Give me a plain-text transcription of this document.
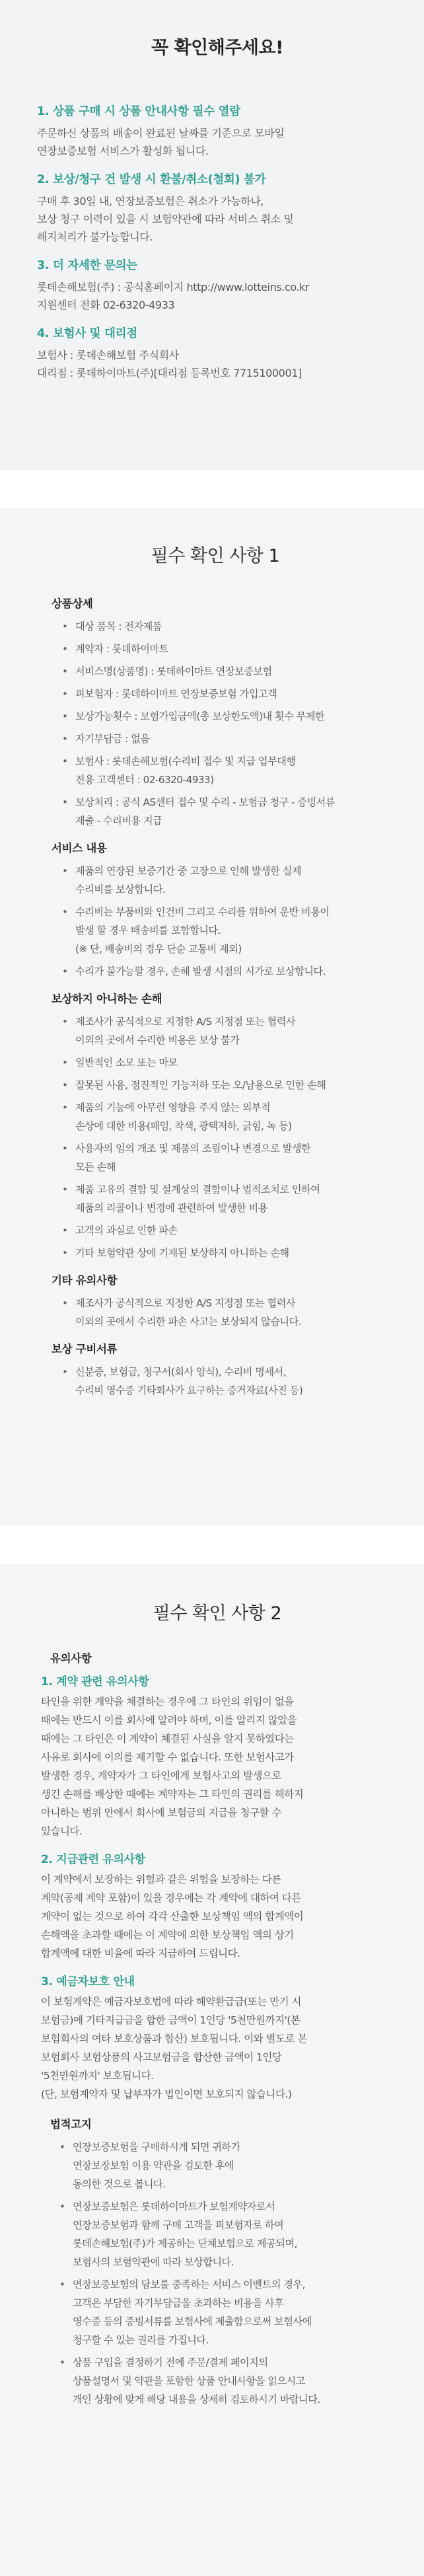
꼭 확인해주세요!
1. 상품 구매 시 상품 안내사항 필수 열람
주문하신 상품의 배송이 완료된 날짜를 기준으로 모바일
연장보증보험 서비스가 활성화 됩니다.
2. 보상/청구 건 발생 시 환불/취소(철회) 불가
구매 후 30일 내, 연장보증보험은 취소가 가능하나,
보상 청구 이력이 있을 시 보험약관에 따라 서비스 취소 및
해지처리가 불가능합니다.
3. 더 자세한 문의는
롯데손해보험(주) : 공식홈페이지 http://www.lotteins.co.kr
지원센터 전화 02-6320-4933
4. 보험사 및 대리점
보험사 : 롯데손해보험 주식회사
대리점 : 롯데하이마트(주)[대리점 등록번호 7715100001]
필수 확인 사항 1
상품상세
• 대상 품목 : 전자제품
• 계약자 : 롯데하이마트
• 서비스명(상품명) : 롯데하이마트 연장보증보험
• 피보험자 : 롯데하이마트 연장보증보험 가입고객
• 보상가능횟수 : 보험가입금액(총 보상한도액)내 횟수 무제한
• 자기부담금 : 없음
• 보험사 : 롯데손해보험(수리비 접수 및 지급 업무대행
전용 고객센터 : 02-6320-4933)
• 보상처리 : 공식 AS센터 접수 및 수리 - 보험금 청구 - 증빙서류
제출 - 수리비용 지급
서비스 내용
• 제품의 연장된 보증기간 중 고장으로 인해 발생한 실제
수리비를 보상합니다.
• 수리비는 부품비와 인건비 그리고 수리를 위하여 운반 비용이
발생 할 경우 배송비를 포함합니다.
(※ 단, 배송비의 경우 단순 교통비 제외)
• 수리가 불가능할 경우, 손해 발생 시점의 시가로 보상합니다.
보상하지 아니하는 손해
• 제조사가 공식적으로 지정한 A/S 지정점 또는 협력사
이외의 곳에서 수리한 비용은 보상 불가
• 일반적인 소모 또는 마모
• 잘못된 사용, 점진적인 기능저하 또는 오/남용으로 인한 손해
• 제품의 기능에 아무런 영향을 주지 않는 외부적
손상에 대한 비용(패임, 착색, 광택저하, 긁힘, 녹 등)
• 사용자의 임의 개조 및 제품의 조립이나 변경으로 발생한
모든 손해
• 제품 고유의 결함 및 설계상의 결함이나 법적조치로 인하여
제품의 리콜이나 변경에 관련하여 발생한 비용
• 고객의 과실로 인한 파손
• 기타 보험약관 상에 기재된 보상하지 아니하는 손해
기타 유의사항
• 제조사가 공식적으로 지정한 A/S 지정점 또는 협력사
이외의 곳에서 수리한 파손 사고는 보상되지 않습니다.
보상 구비서류
• 신분증, 보험금, 청구서(회사 양식), 수리비 명세서,
수리비 영수증 기타회사가 요구하는 증거자료(사진 등)
필수 확인 사항 2
유의사항
1. 계약 관련 유의사항
타인을 위한 계약을 체결하는 경우에 그 타인의 위임이 없을
때에는 반드시 이를 회사에 알려야 하며, 이를 알리지 않았을
때에는 그 타인은 이 계약이 체결된 사실을 알지 못하였다는
사유로 회사에 이의를 제기할 수 없습니다. 또한 보험사고가
발생한 경우, 계약자가 그 타인에게 보험사고의 발생으로
생긴 손해를 배상한 때에는 계약자는 그 타인의 권리를 해하지
아니하는 범위 안에서 회사에 보험금의 지급을 청구할 수
있습니다.
2. 지급관련 유의사항
이 계약에서 보장하는 위험과 같은 위험을 보장하는 다른
계약(공제 계약 포함)이 있을 경우에는 각 계약에 대하여 다른
계약이 없는 것으로 하여 각각 산출한 보상책임 액의 합계액이
손해액을 초과할 때에는 이 계약에 의한 보상책임 액의 상기
합계액에 대한 비율에 따라 지급하여 드립니다.
3. 예금자보호 안내
이 보험계약은 예금자보호법에 따라 해약환급금(또는 만기 시
보험금)에 기타지급금을 합한 금액이 1인당 '5천만원까지'(본
보험회사의 여타 보호상품과 합산) 보호됩니다. 이와 별도로 본
보험회사 보험상품의 사고보험금을 합산한 금액이 1인당
'5천만원까지' 보호됩니다.
(단, 보험계약자 및 납부자가 법인이면 보호되지 않습니다.)
법적고지
• 연장보증보험을 구매하시게 되면 귀하가
연장보장보험 이용 약관을 검토한 후에
동의한 것으로 봅니다.
• 연장보증보험은 롯데하이마트가 보험계약자로서
연장보증보험과 함께 구매 고객을 피보험자로 하여
롯데손해보험(주)가 제공하는 단체보험으로 제공되며,
보험사의 보험약관에 따라 보상합니다.
• 연장보증보험의 담보를 중족하는 서비스 이벤트의 경우,
고객은 부담한 자기부담금을 초과하는 비용을 사후
영수증 등의 증빙서류를 보험사에 제출함으로써 보험사에
청구할 수 있는 권리를 가집니다.
• 상품 구입을 결정하기 전에 주문/결제 페이지의
상품설명서 및 약관을 포함한 상품 안내사항을 읽으시고
개인 상황에 맞게 해당 내용을 상세히 검토하시기 바랍니다.
